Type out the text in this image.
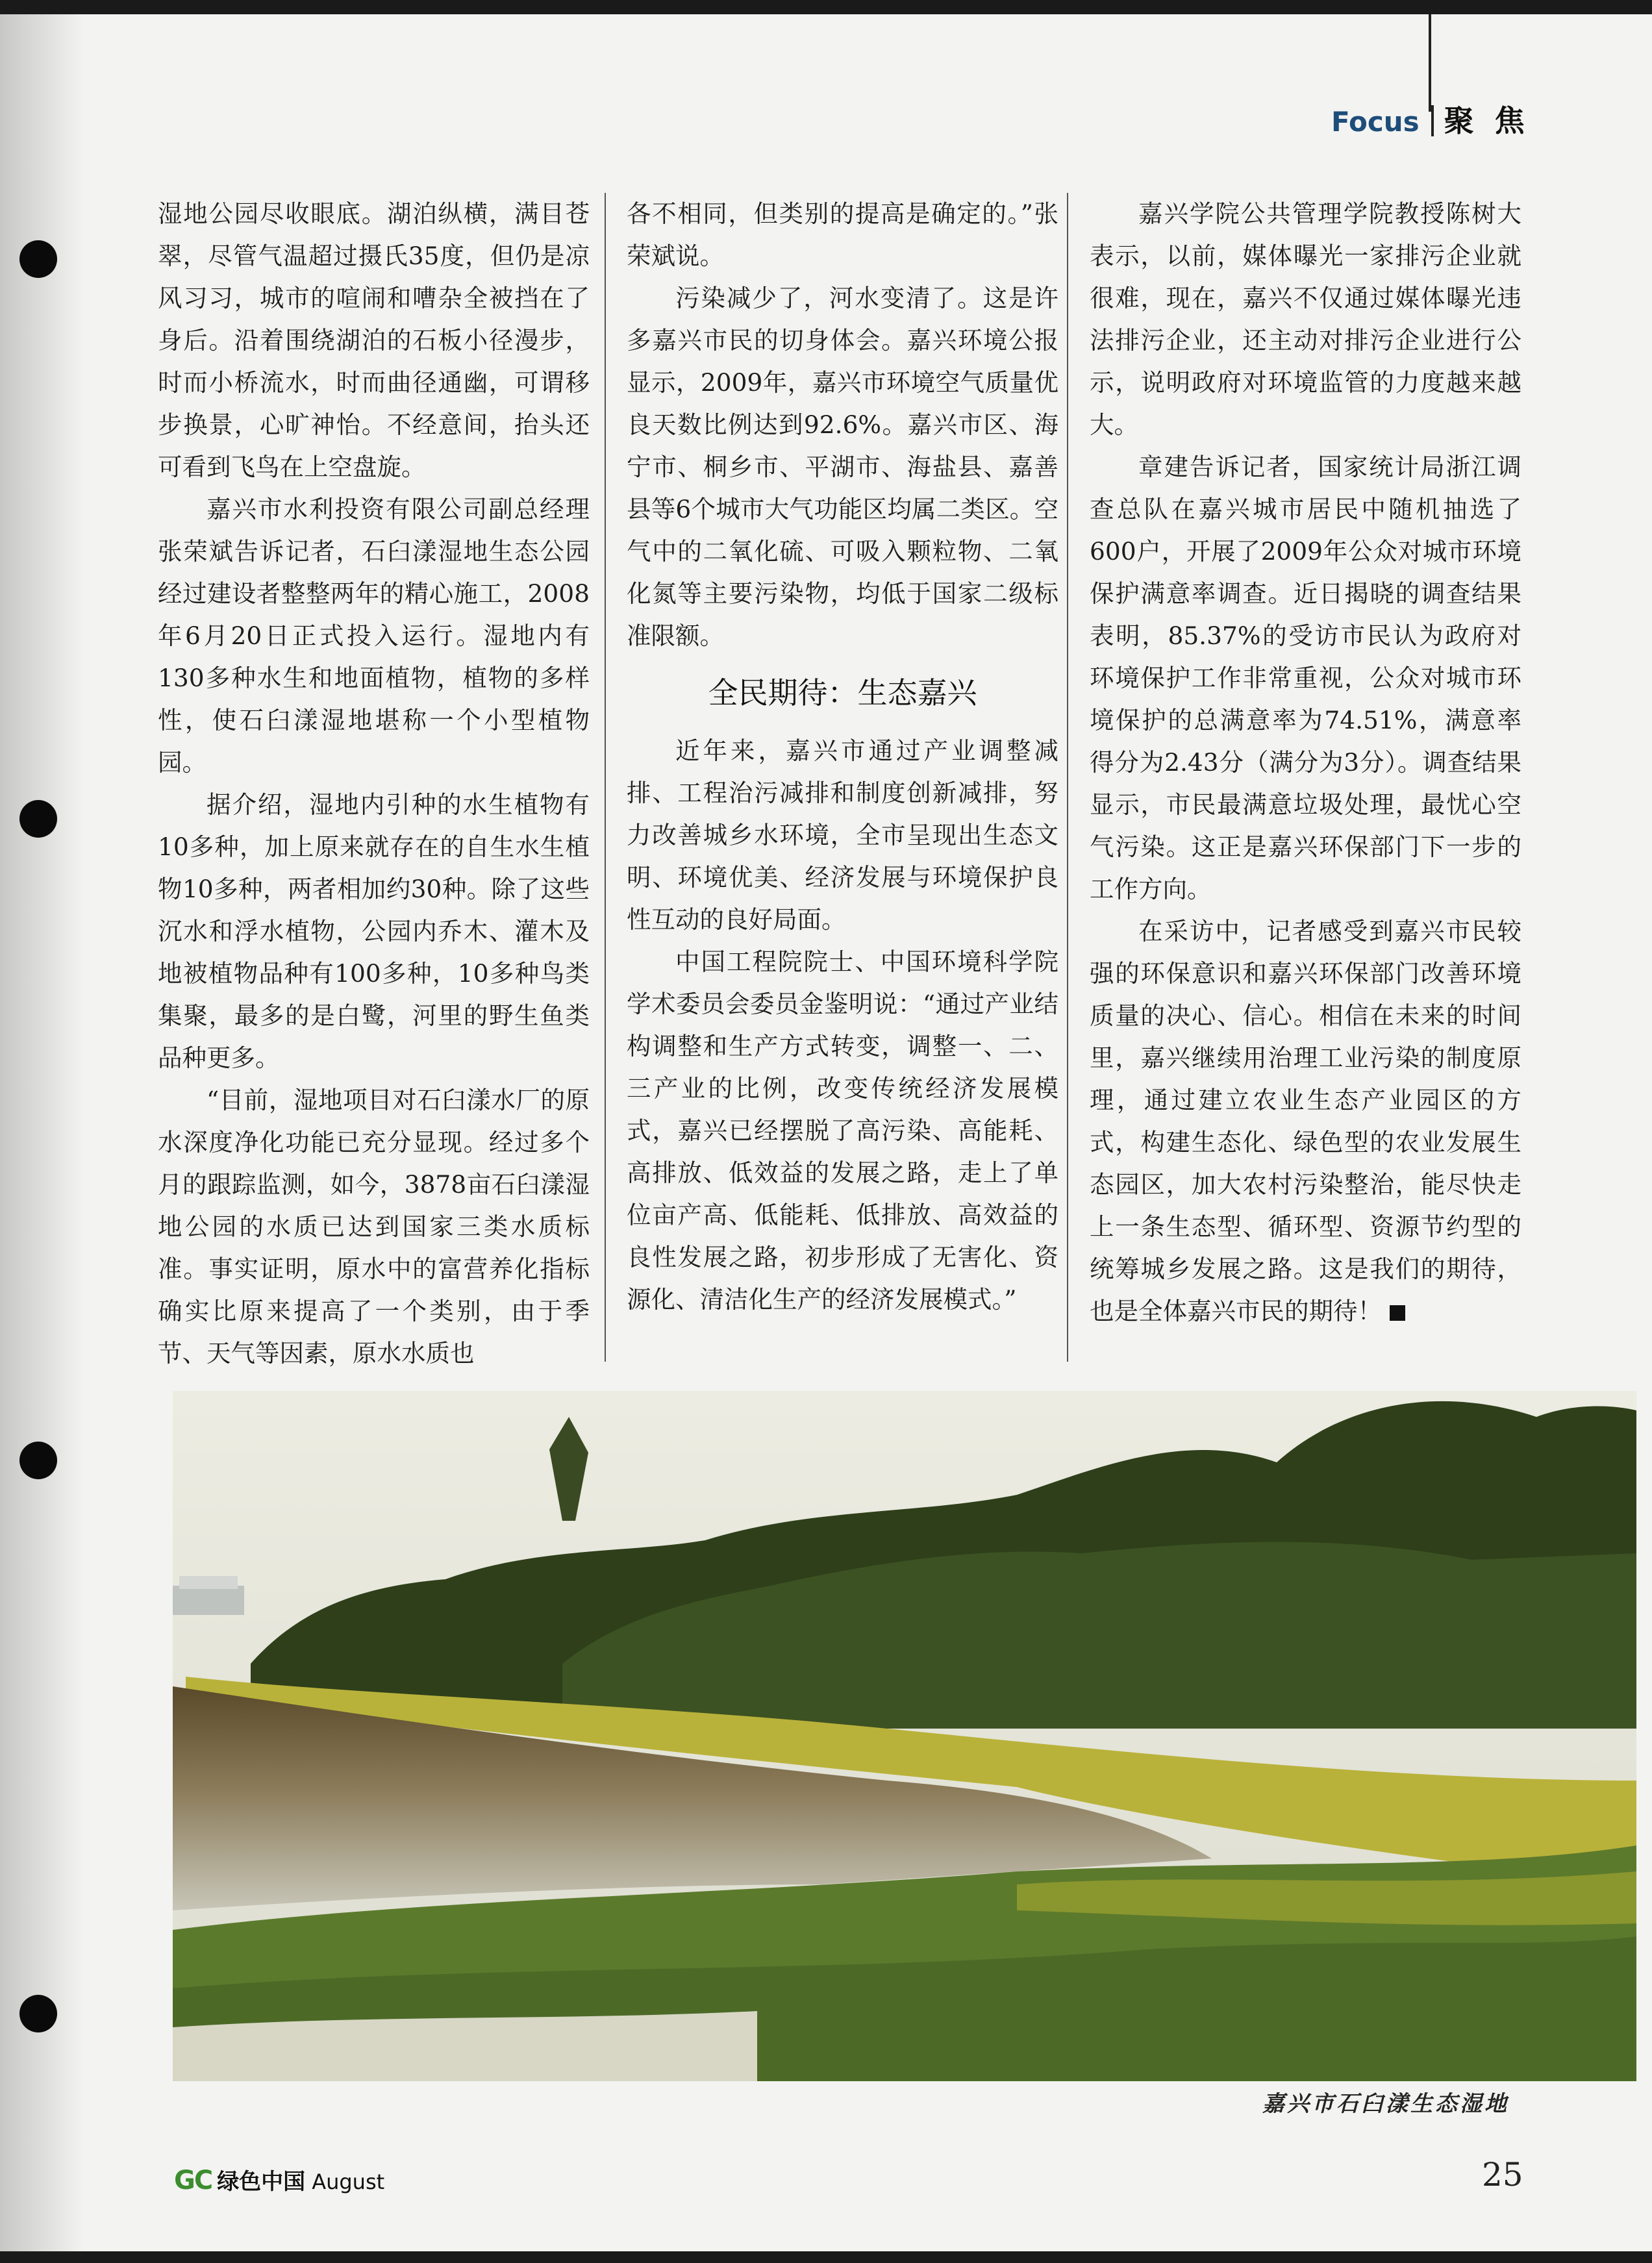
Focus 聚 焦

湿地公园尽收眼底。湖泊纵横，满目苍翠，尽管气温超过摄氏35度，但仍是凉风习习，城市的喧闹和嘈杂全被挡在了身后。沿着围绕湖泊的石板小径漫步，时而小桥流水，时而曲径通幽，可谓移步换景，心旷神怡。不经意间，抬头还可看到飞鸟在上空盘旋。

嘉兴市水利投资有限公司副总经理张荣斌告诉记者，石臼漾湿地生态公园经过建设者整整两年的精心施工，2008年6月20日正式投入运行。湿地内有130多种水生和地面植物，植物的多样性，使石臼漾湿地堪称一个小型植物园。

据介绍，湿地内引种的水生植物有10多种，加上原来就存在的自生水生植物10多种，两者相加约30种。除了这些沉水和浮水植物，公园内乔木、灌木及地被植物品种有100多种，10多种鸟类集聚，最多的是白鹭，河里的野生鱼类品种更多。

“目前，湿地项目对石臼漾水厂的原水深度净化功能已充分显现。经过多个月的跟踪监测，如今，3878亩石臼漾湿地公园的水质已达到国家三类水质标准。事实证明，原水中的富营养化指标确实比原来提高了一个类别，由于季节、天气等因素，原水水质也

各不相同，但类别的提高是确定的。”张荣斌说。

污染减少了，河水变清了。这是许多嘉兴市民的切身体会。嘉兴环境公报显示，2009年，嘉兴市环境空气质量优良天数比例达到92.6%。嘉兴市区、海宁市、桐乡市、平湖市、海盐县、嘉善县等6个城市大气功能区均属二类区。空气中的二氧化硫、可吸入颗粒物、二氧化氮等主要污染物，均低于国家二级标准限额。

全民期待：生态嘉兴

近年来，嘉兴市通过产业调整减排、工程治污减排和制度创新减排，努力改善城乡水环境，全市呈现出生态文明、环境优美、经济发展与环境保护良性互动的良好局面。

中国工程院院士、中国环境科学院学术委员会委员金鉴明说：“通过产业结构调整和生产方式转变，调整一、二、三产业的比例，改变传统经济发展模式，嘉兴已经摆脱了高污染、高能耗、高排放、低效益的发展之路，走上了单位亩产高、低能耗、低排放、高效益的良性发展之路，初步形成了无害化、资源化、清洁化生产的经济发展模式。”

嘉兴学院公共管理学院教授陈树大表示，以前，媒体曝光一家排污企业就很难，现在，嘉兴不仅通过媒体曝光违法排污企业，还主动对排污企业进行公示，说明政府对环境监管的力度越来越大。

章建告诉记者，国家统计局浙江调查总队在嘉兴城市居民中随机抽选了600户，开展了2009年公众对城市环境保护满意率调查。近日揭晓的调查结果表明，85.37%的受访市民认为政府对环境保护工作非常重视，公众对城市环境保护的总满意率为74.51%，满意率得分为2.43分（满分为3分）。调查结果显示，市民最满意垃圾处理，最忧心空气污染。这正是嘉兴环保部门下一步的工作方向。

在采访中，记者感受到嘉兴市民较强的环保意识和嘉兴环保部门改善环境质量的决心、信心。相信在未来的时间里，嘉兴继续用治理工业污染的制度原理，通过建立农业生态产业园区的方式，构建生态化、绿色型的农业发展生态园区，加大农村污染整治，能尽快走上一条生态型、循环型、资源节约型的统筹城乡发展之路。这是我们的期待，也是全体嘉兴市民的期待！

嘉兴市石臼漾生态湿地
GC 绿色中国 August	25
